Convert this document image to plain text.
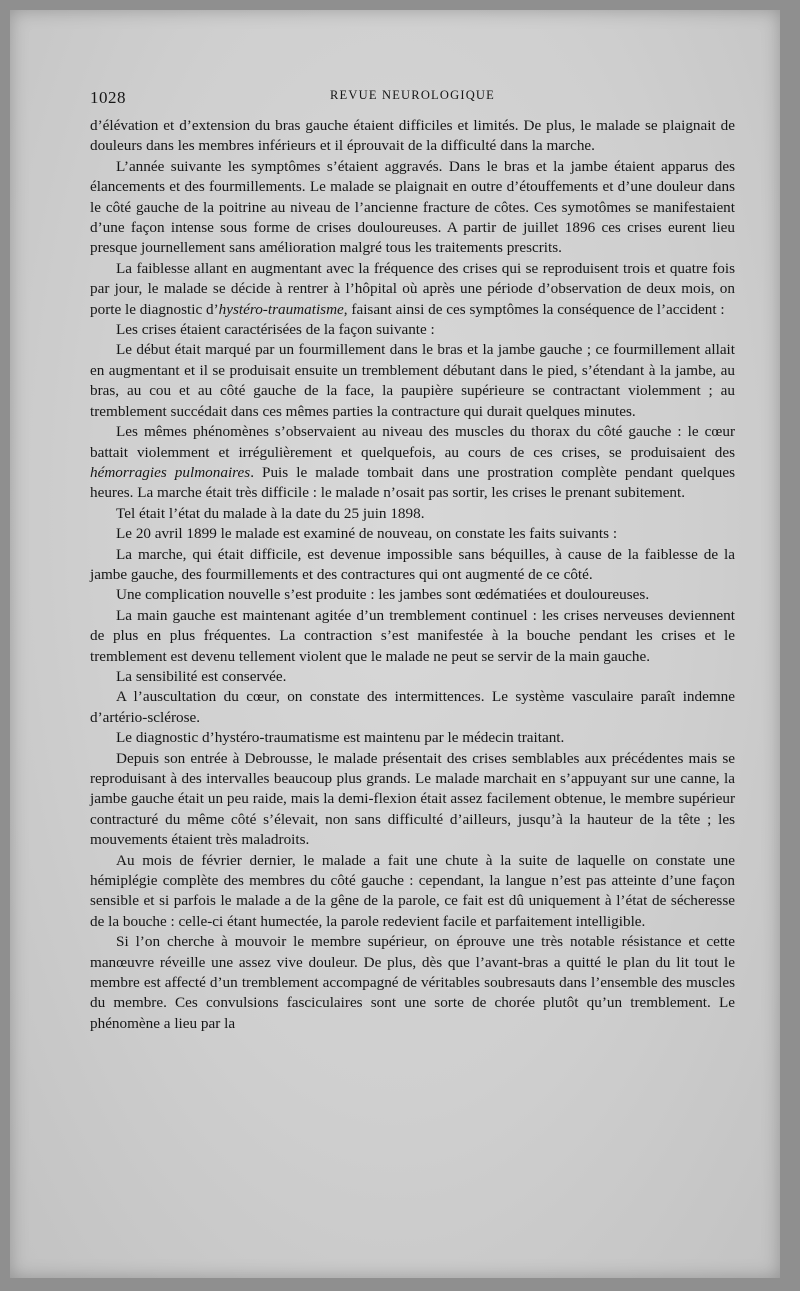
1028	REVUE NEUROLOGIQUE

d’élévation et d’extension du bras gauche étaient difficiles et limités. De plus, le malade se plaignait de douleurs dans les membres inférieurs et il éprouvait de la difficulté dans la marche.

L’année suivante les symptômes s’étaient aggravés. Dans le bras et la jambe étaient apparus des élancements et des fourmillements. Le malade se plaignait en outre d’étouffements et d’une douleur dans le côté gauche de la poitrine au niveau de l’ancienne fracture de côtes. Ces symotômes se manifestaient d’une façon intense sous forme de crises douloureuses. A partir de juillet 1896 ces crises eurent lieu presque journellement sans amélioration malgré tous les traitements prescrits.

La faiblesse allant en augmentant avec la fréquence des crises qui se reproduisent trois et quatre fois par jour, le malade se décide à rentrer à l’hôpital où après une période d’observation de deux mois, on porte le diagnostic d’hystéro-traumatisme, faisant ainsi de ces symptômes la conséquence de l’accident :

Les crises étaient caractérisées de la façon suivante :

Le début était marqué par un fourmillement dans le bras et la jambe gauche ; ce fourmillement allait en augmentant et il se produisait ensuite un tremblement débutant dans le pied, s’étendant à la jambe, au bras, au cou et au côté gauche de la face, la paupière supérieure se contractant violemment ; au tremblement succédait dans ces mêmes parties la contracture qui durait quelques minutes.

Les mêmes phénomènes s’observaient au niveau des muscles du thorax du côté gauche : le cœur battait violemment et irrégulièrement et quelquefois, au cours de ces crises, se produisaient des hémorragies pulmonaires. Puis le malade tombait dans une prostration complète pendant quelques heures. La marche était très difficile : le malade n’osait pas sortir, les crises le prenant subitement.

Tel était l’état du malade à la date du 25 juin 1898.

Le 20 avril 1899 le malade est examiné de nouveau, on constate les faits suivants :

La marche, qui était difficile, est devenue impossible sans béquilles, à cause de la faiblesse de la jambe gauche, des fourmillements et des contractures qui ont augmenté de ce côté.

Une complication nouvelle s’est produite : les jambes sont œdématiées et douloureuses.

La main gauche est maintenant agitée d’un tremblement continuel : les crises nerveuses deviennent de plus en plus fréquentes. La contraction s’est manifestée à la bouche pendant les crises et le tremblement est devenu tellement violent que le malade ne peut se servir de la main gauche.

La sensibilité est conservée.

A l’auscultation du cœur, on constate des intermittences. Le système vasculaire paraît indemne d’artério-sclérose.

Le diagnostic d’hystéro-traumatisme est maintenu par le médecin traitant.

Depuis son entrée à Debrousse, le malade présentait des crises semblables aux précédentes mais se reproduisant à des intervalles beaucoup plus grands. Le malade marchait en s’appuyant sur une canne, la jambe gauche était un peu raide, mais la demi-flexion était assez facilement obtenue, le membre supérieur contracturé du même côté s’élevait, non sans difficulté d’ailleurs, jusqu’à la hauteur de la tête ; les mouvements étaient très maladroits.

Au mois de février dernier, le malade a fait une chute à la suite de laquelle on constate une hémiplégie complète des membres du côté gauche : cependant, la langue n’est pas atteinte d’une façon sensible et si parfois le malade a de la gêne de la parole, ce fait est dû uniquement à l’état de sécheresse de la bouche : celle-ci étant humectée, la parole redevient facile et parfaitement intelligible.

Si l’on cherche à mouvoir le membre supérieur, on éprouve une très notable résistance et cette manœuvre réveille une assez vive douleur. De plus, dès que l’avant-bras a quitté le plan du lit tout le membre est affecté d’un tremblement accompagné de véritables soubresauts dans l’ensemble des muscles du membre. Ces convulsions fasciculaires sont une sorte de chorée plutôt qu’un tremblement. Le phénomène a lieu par la
